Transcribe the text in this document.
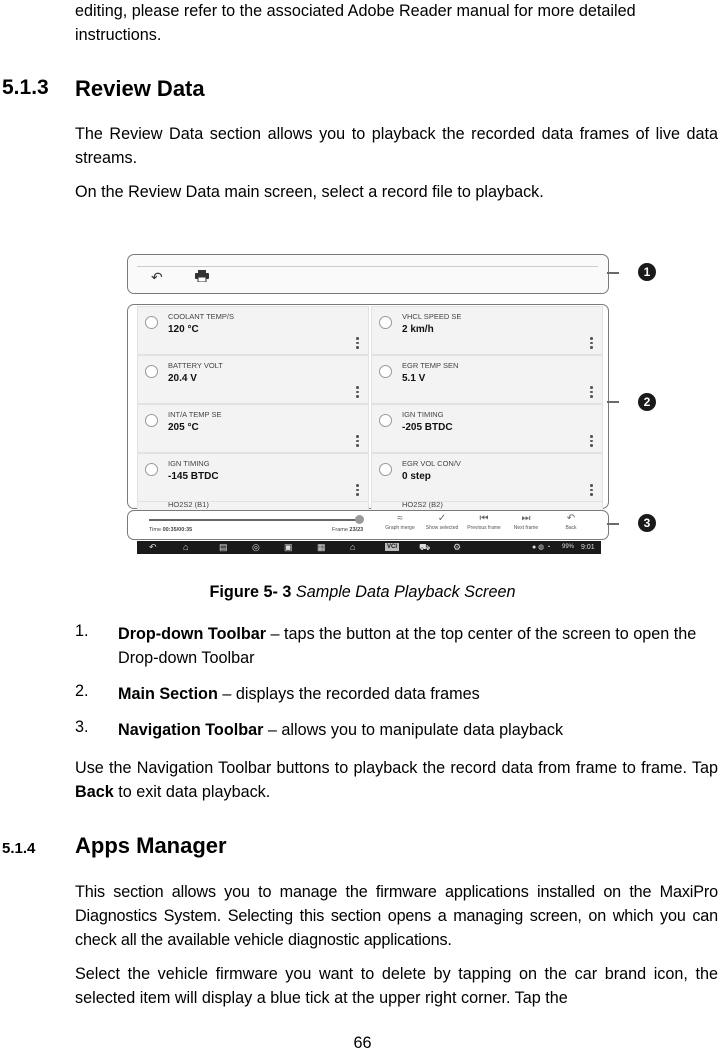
editing, please refer to the associated Adobe Reader manual for more detailed instructions.

5.1.3 Review Data

The Review Data section allows you to playback the recorded data frames of live data streams.

On the Review Data main screen, select a record file to playback.

↶
COOLANT TEMP/S
120 °C
VHCL SPEED SE
2 km/h
BATTERY VOLT
20.4 V
EGR TEMP SEN
5.1 V
INT/A TEMP SE
205 °C
IGN TIMING
-205 BTDC
IGN TIMING
-145 BTDC
EGR VOL CON/V
0 step
HO2S2 (B1)	HO2S2 (B2)
Time 00:35/00:35	Frame 23/23
≈
Graph merge
✓
Show selected
⏮
Previous frame
⏭
Next frame
↶
Back
↶	⌂	▤	◎	▣	▦	⌂	VCI ⛟	⚙	● ◍ ◔ 99% 9:01
1
2
3
Figure 5- 3 Sample Data Playback Screen
1. Drop-down Toolbar – taps the button at the top center of the screen to open the Drop-down Toolbar
2. Main Section – displays the recorded data frames
3. Navigation Toolbar – allows you to manipulate data playback

Use the Navigation Toolbar buttons to playback the record data from frame to frame. Tap Back to exit data playback.

5.1.4 Apps Manager

This section allows you to manage the firmware applications installed on the MaxiPro Diagnostics System. Selecting this section opens a managing screen, on which you can check all the available vehicle diagnostic applications.

Select the vehicle firmware you want to delete by tapping on the car brand icon, the selected item will display a blue tick at the upper right corner. Tap the

66
